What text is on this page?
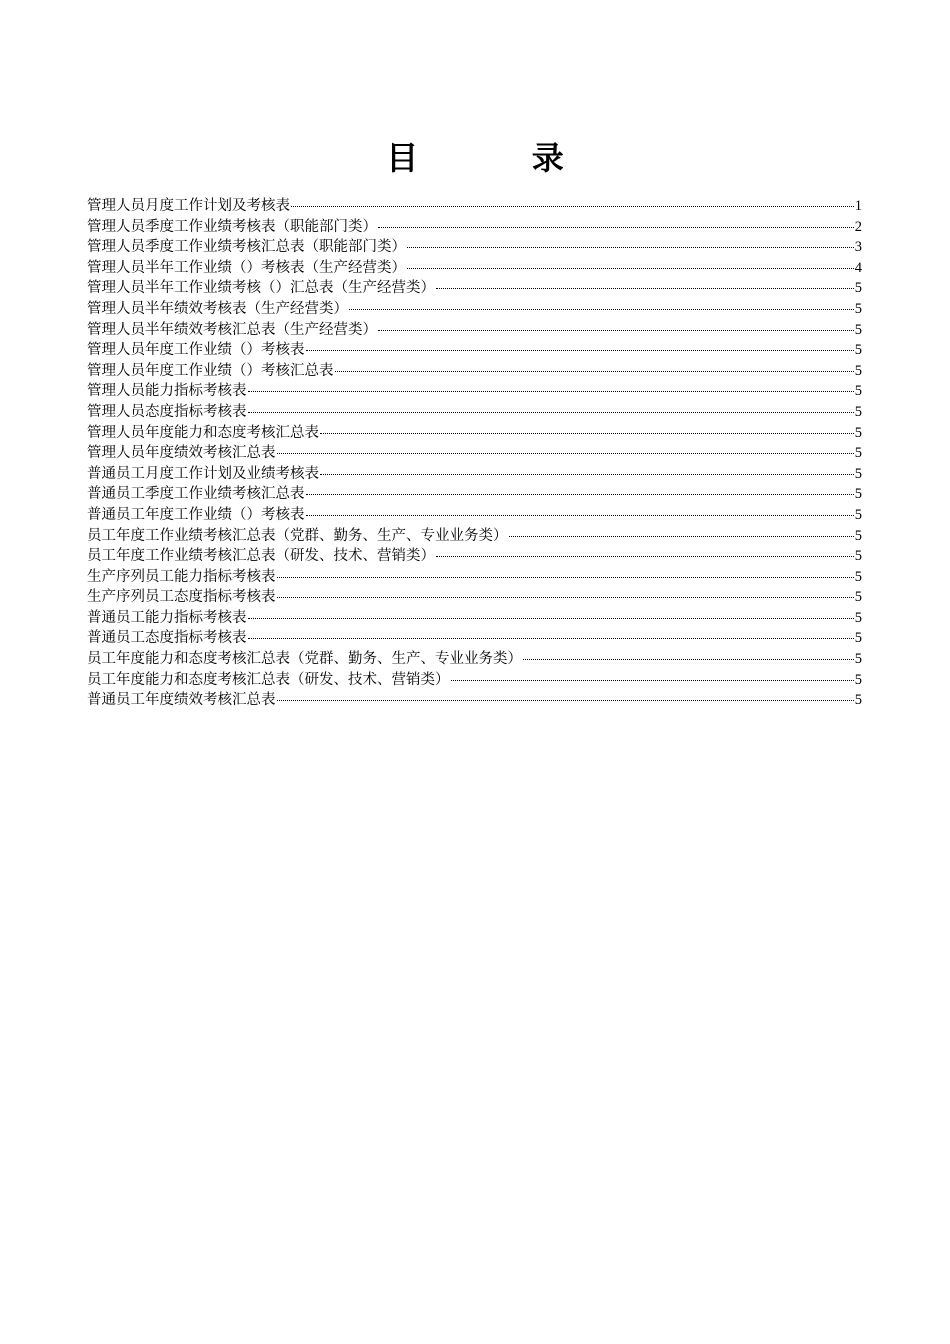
目 录
管理人员月度工作计划及考核表	1
管理人员季度工作业绩考核表（职能部门类）	2
管理人员季度工作业绩考核汇总表（职能部门类）	3
管理人员半年工作业绩（）考核表（生产经营类）	4
管理人员半年工作业绩考核（）汇总表（生产经营类）	5
管理人员半年绩效考核表（生产经营类）	5
管理人员半年绩效考核汇总表（生产经营类）	5
管理人员年度工作业绩（）考核表	5
管理人员年度工作业绩（）考核汇总表	5
管理人员能力指标考核表	5
管理人员态度指标考核表	5
管理人员年度能力和态度考核汇总表	5
管理人员年度绩效考核汇总表	5
普通员工月度工作计划及业绩考核表	5
普通员工季度工作业绩考核汇总表	5
普通员工年度工作业绩（）考核表	5
员工年度工作业绩考核汇总表（党群、勤务、生产、专业业务类）	5
员工年度工作业绩考核汇总表（研发、技术、营销类）	5
生产序列员工能力指标考核表	5
生产序列员工态度指标考核表	5
普通员工能力指标考核表	5
普通员工态度指标考核表	5
员工年度能力和态度考核汇总表（党群、勤务、生产、专业业务类）	5
员工年度能力和态度考核汇总表（研发、技术、营销类）	5
普通员工年度绩效考核汇总表	5
